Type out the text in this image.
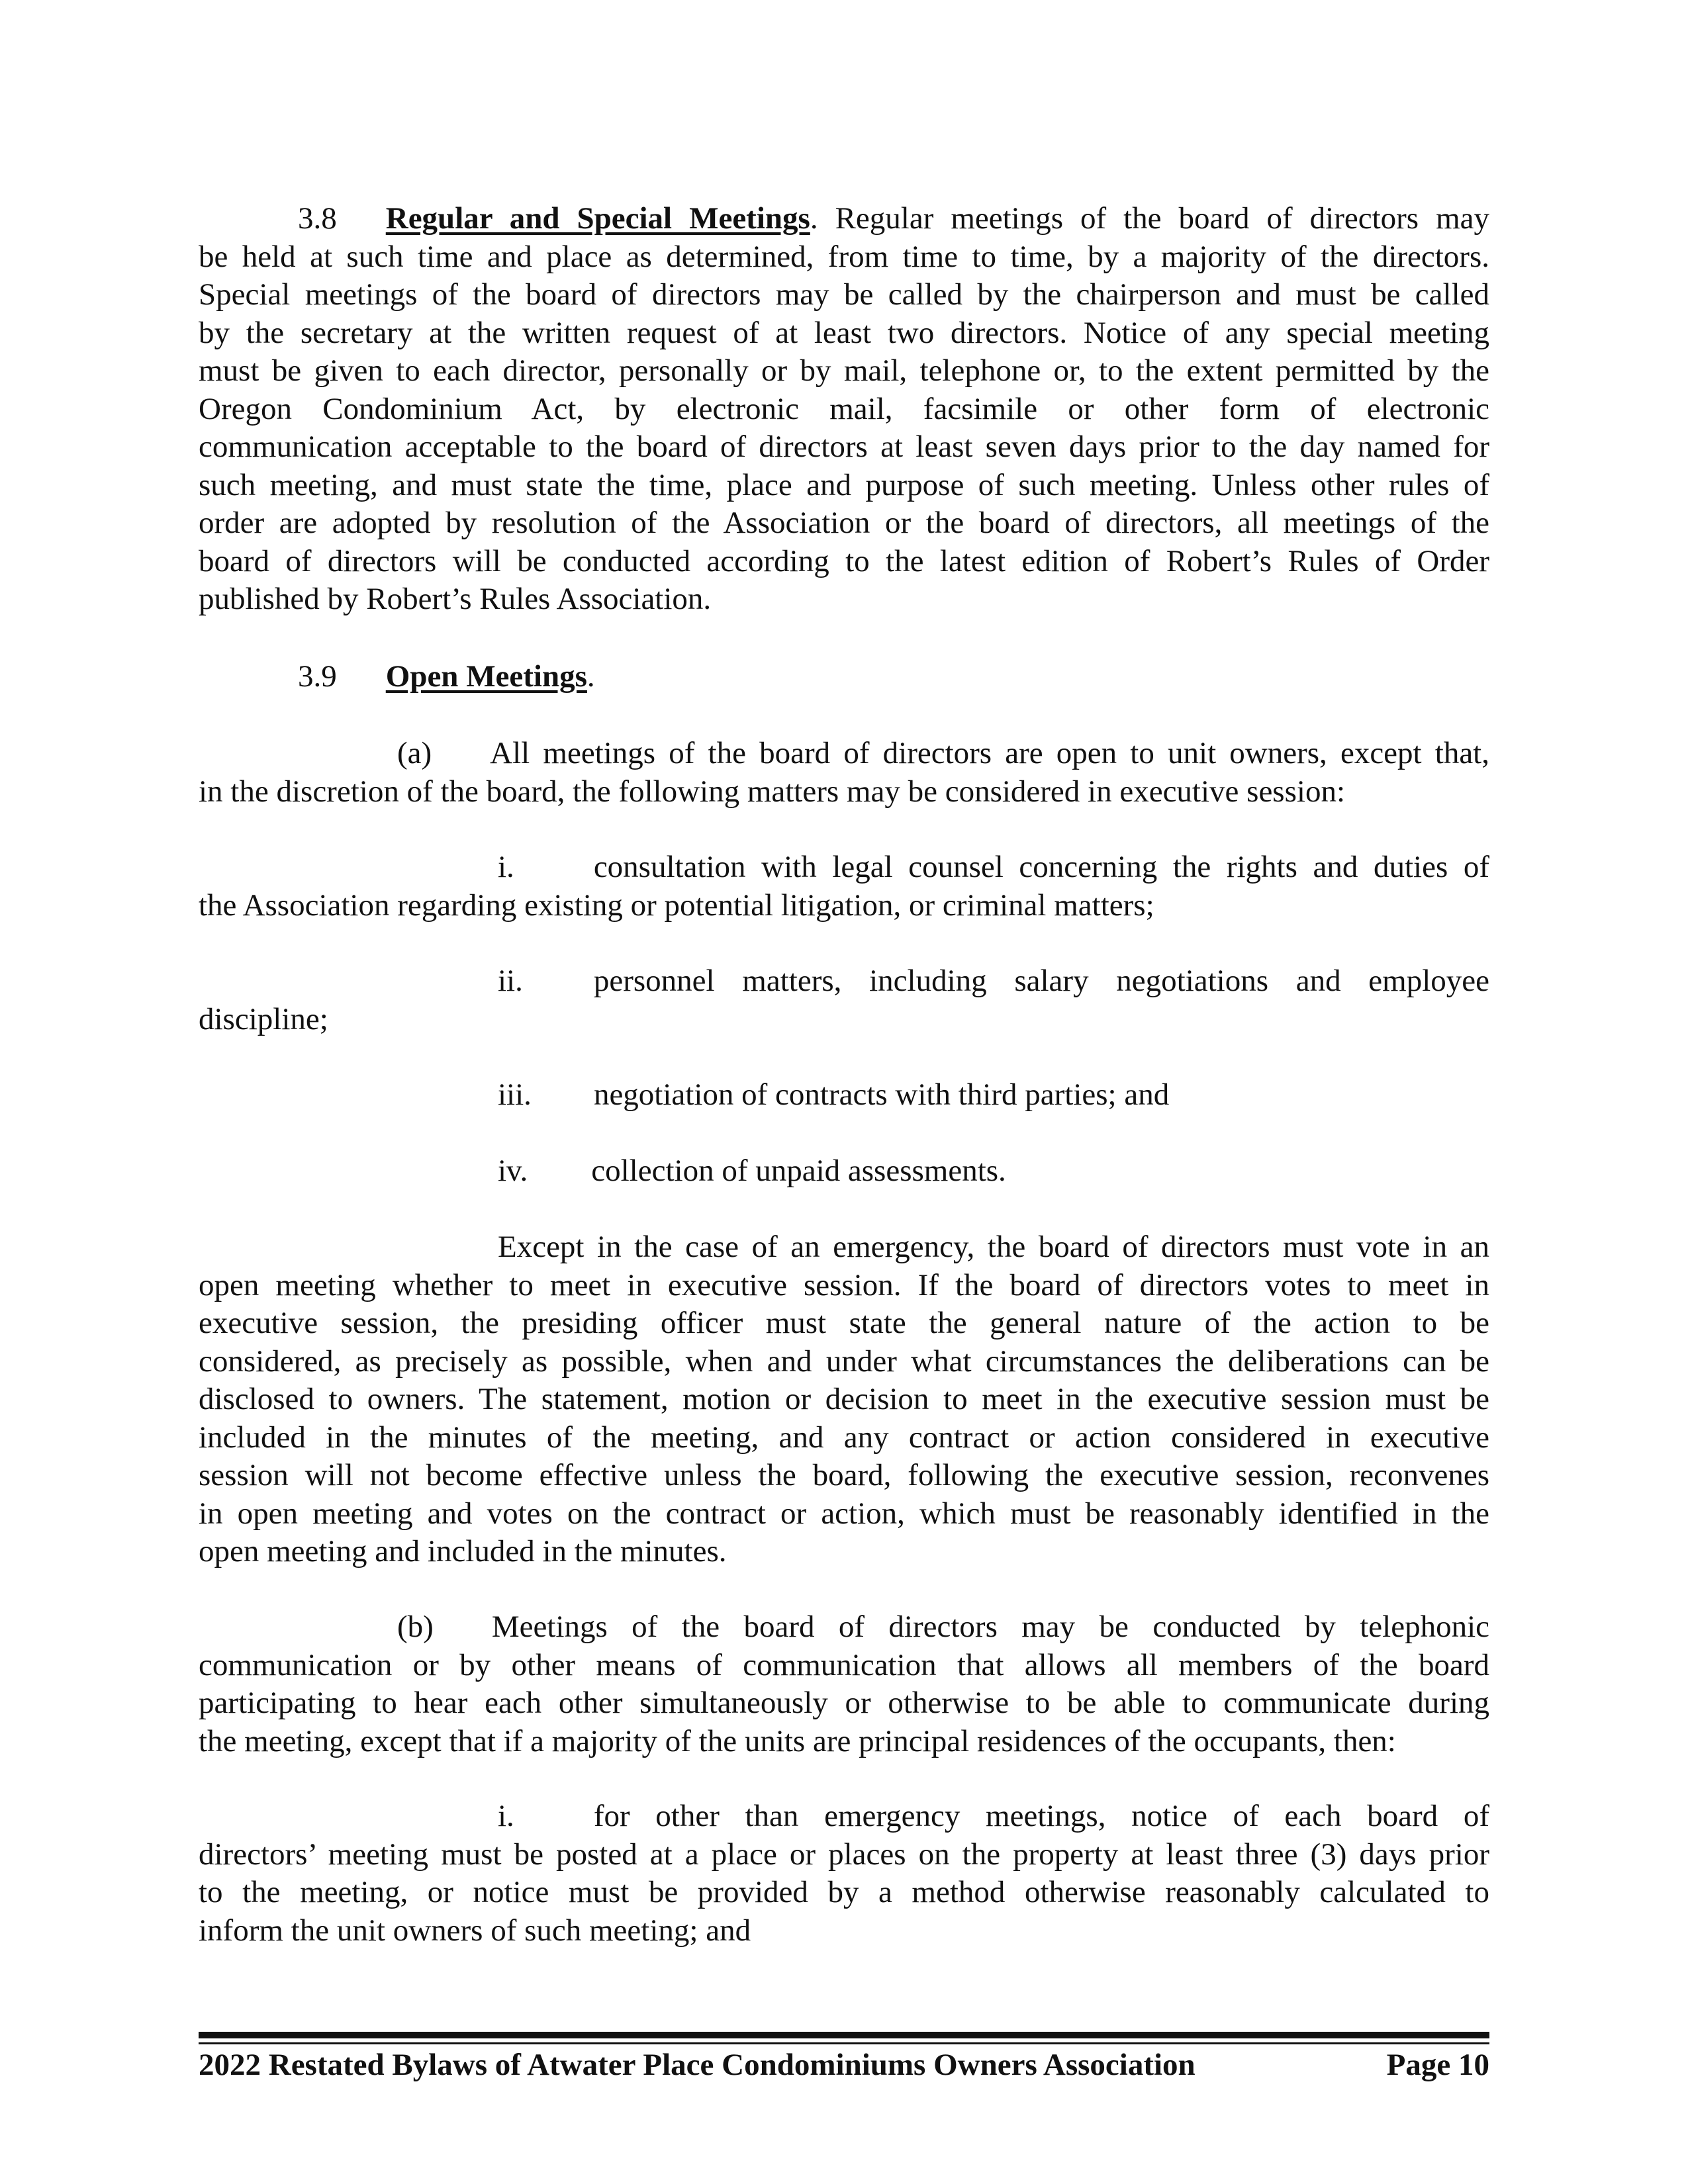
3.8 Regular and Special Meetings. Regular meetings of the board of directors may
be held at such time and place as determined, from time to time, by a majority of the directors.
Special meetings of the board of directors may be called by the chairperson and must be called
by the secretary at the written request of at least two directors. Notice of any special meeting
must be given to each director, personally or by mail, telephone or, to the extent permitted by the
Oregon Condominium Act, by electronic mail, facsimile or other form of electronic
communication acceptable to the board of directors at least seven days prior to the day named for
such meeting, and must state the time, place and purpose of such meeting. Unless other rules of
order are adopted by resolution of the Association or the board of directors, all meetings of the
board of directors will be conducted according to the latest edition of Robert’s Rules of Order
published by Robert’s Rules Association.
3.9 Open Meetings.
(a) All meetings of the board of directors are open to unit owners, except that,
in the discretion of the board, the following matters may be considered in executive session:
i.	consultation with legal counsel concerning the rights and duties of
the Association regarding existing or potential litigation, or criminal matters;
ii. personnel matters, including salary negotiations and employee
discipline;
iii. negotiation of contracts with third parties; and
iv. collection of unpaid assessments.
Except in the case of an emergency, the board of directors must vote in an
open meeting whether to meet in executive session. If the board of directors votes to meet in
executive session, the presiding officer must state the general nature of the action to be
considered, as precisely as possible, when and under what circumstances the deliberations can be
disclosed to owners. The statement, motion or decision to meet in the executive session must be
included in the minutes of the meeting, and any contract or action considered in executive
session will not become effective unless the board, following the executive session, reconvenes
in open meeting and votes on the contract or action, which must be reasonably identified in the
open meeting and included in the minutes.
(b) Meetings of the board of directors may be conducted by telephonic
communication or by other means of communication that allows all members of the board
participating to hear each other simultaneously or otherwise to be able to communicate during
the meeting, except that if a majority of the units are principal residences of the occupants, then:
i.	for other than emergency meetings, notice of each board of
directors’ meeting must be posted at a place or places on the property at least three (3) days prior
to the meeting, or notice must be provided by a method otherwise reasonably calculated to
inform the unit owners of such meeting; and
2022 Restated Bylaws of Atwater Place Condominiums Owners Association	Page 10
